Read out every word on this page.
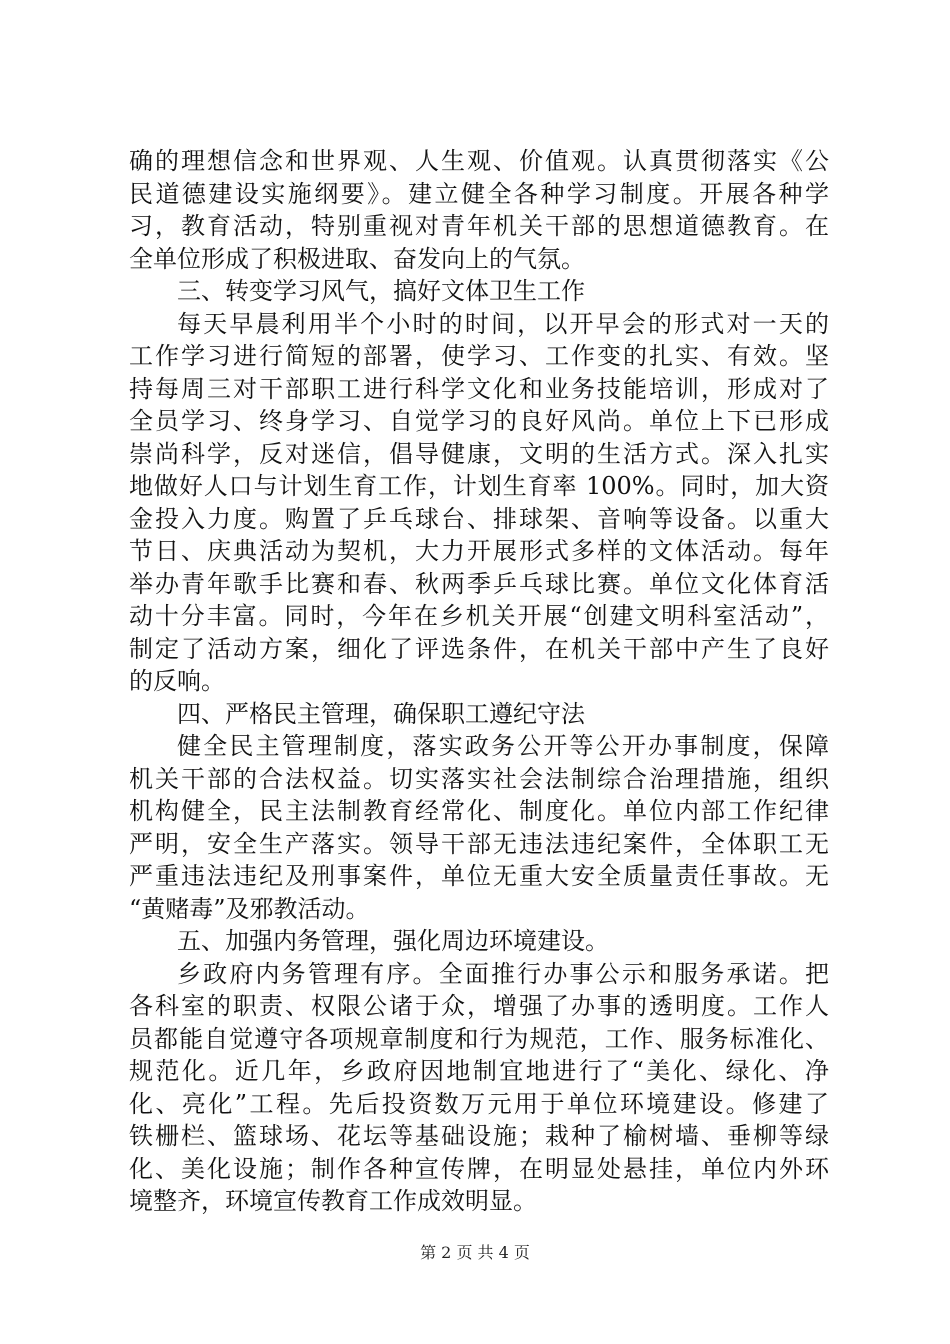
确的理想信念和世界观、人生观、价值观。认真贯彻落实《公
民道德建设实施纲要》。建立健全各种学习制度。开展各种学
习，教育活动，特别重视对青年机关干部的思想道德教育。在
全单位形成了积极进取、奋发向上的气氛。
三、转变学习风气，搞好文体卫生工作
每天早晨利用半个小时的时间，以开早会的形式对一天的
工作学习进行简短的部署，使学习、工作变的扎实、有效。坚
持每周三对干部职工进行科学文化和业务技能培训，形成对了
全员学习、终身学习、自觉学习的良好风尚。单位上下已形成
崇尚科学，反对迷信，倡导健康，文明的生活方式。深入扎实
地做好人口与计划生育工作，计划生育率 100%。同时，加大资
金投入力度。购置了乒乓球台、排球架、音响等设备。以重大
节日、庆典活动为契机，大力开展形式多样的文体活动。每年
举办青年歌手比赛和春、秋两季乒乓球比赛。单位文化体育活
动十分丰富。同时，今年在乡机关开展“创建文明科室活动”，
制定了活动方案，细化了评选条件，在机关干部中产生了良好
的反响。
四、严格民主管理，确保职工遵纪守法
健全民主管理制度，落实政务公开等公开办事制度，保障
机关干部的合法权益。切实落实社会法制综合治理措施，组织
机构健全，民主法制教育经常化、制度化。单位内部工作纪律
严明，安全生产落实。领导干部无违法违纪案件，全体职工无
严重违法违纪及刑事案件，单位无重大安全质量责任事故。无
“黄赌毒”及邪教活动。
五、加强内务管理，强化周边环境建设。
乡政府内务管理有序。全面推行办事公示和服务承诺。把
各科室的职责、权限公诸于众，增强了办事的透明度。工作人
员都能自觉遵守各项规章制度和行为规范，工作、服务标准化、
规范化。近几年，乡政府因地制宜地进行了“美化、绿化、净
化、亮化”工程。先后投资数万元用于单位环境建设。修建了
铁栅栏、篮球场、花坛等基础设施；栽种了榆树墙、垂柳等绿
化、美化设施；制作各种宣传牌，在明显处悬挂，单位内外环
境整齐，环境宣传教育工作成效明显。
第 2 页 共 4 页
